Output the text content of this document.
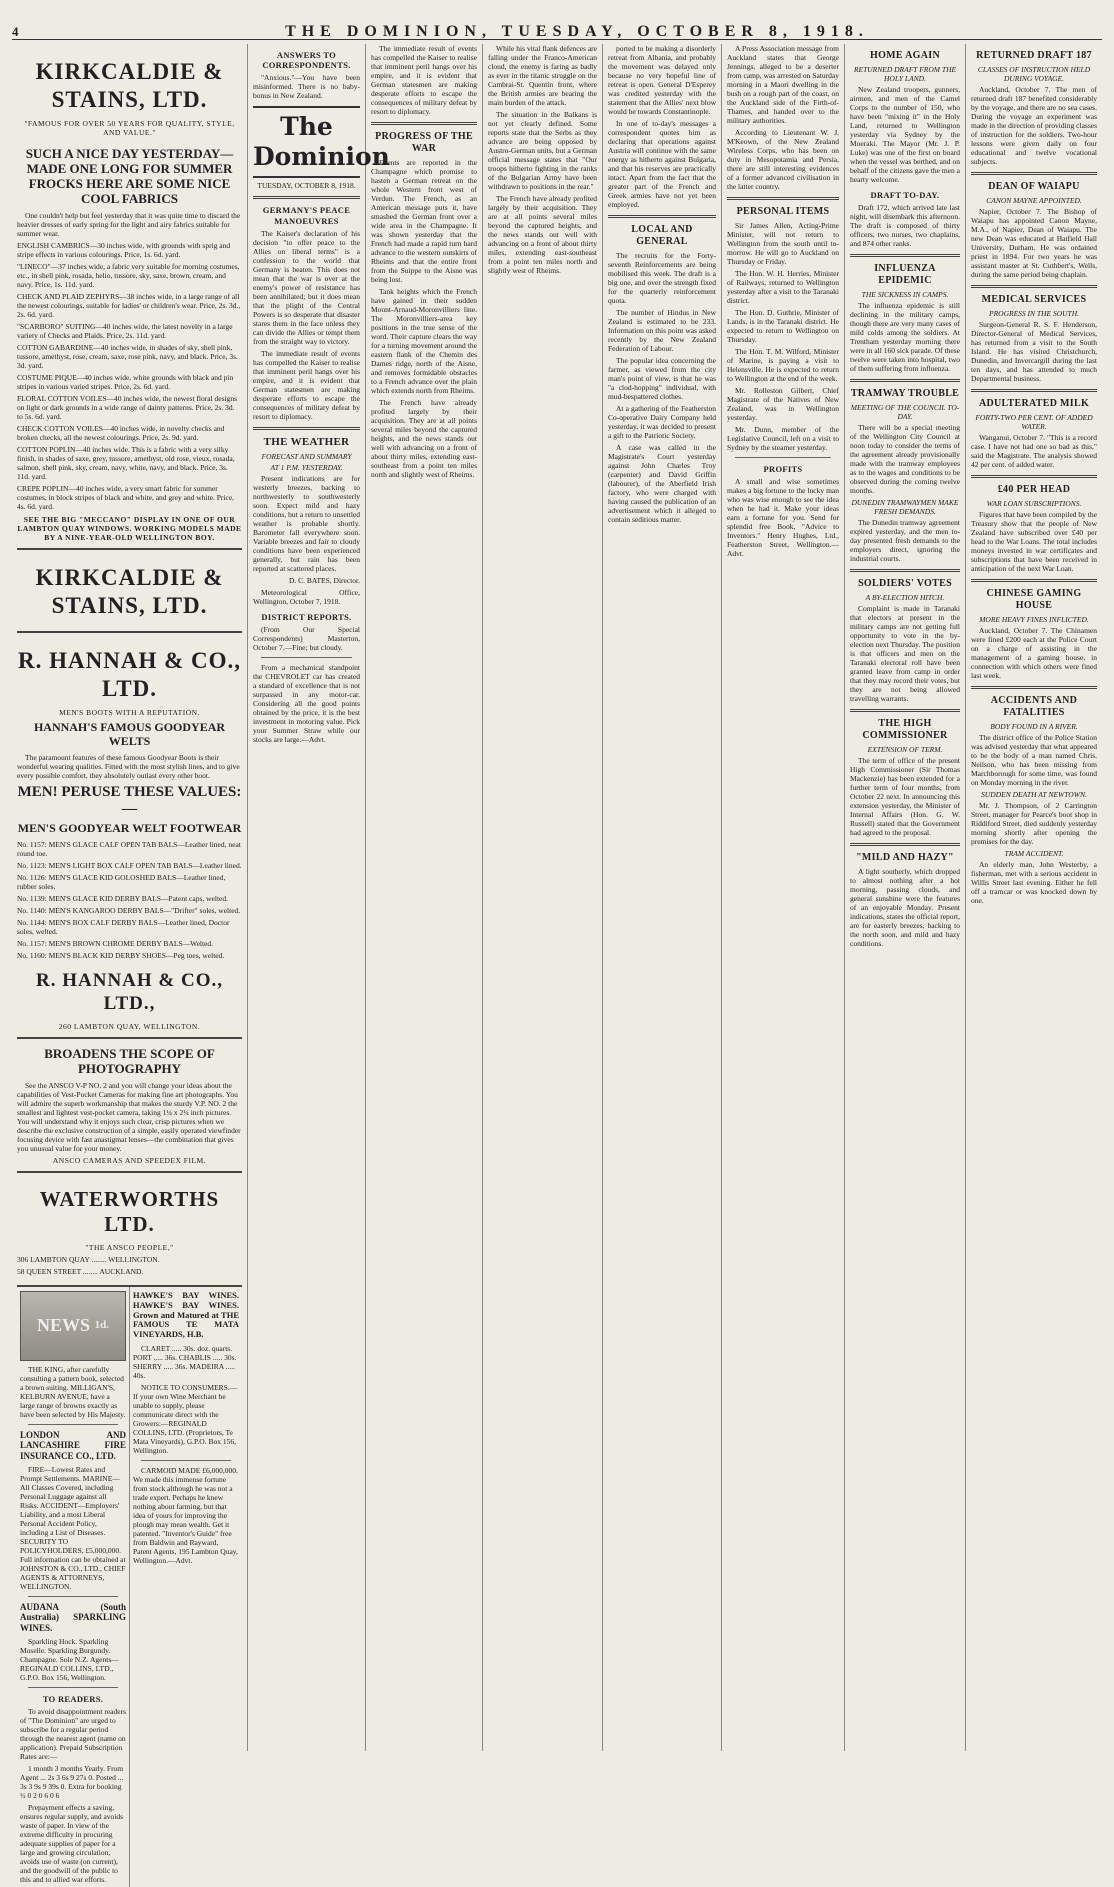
4	THE DOMINION, TUESDAY, OCTOBER 8, 1918.
KIRKCALDIE & STAINS, LTD.
"FAMOUS FOR OVER 50 YEARS FOR QUALITY, STYLE, AND VALUE."
SUCH A NICE DAY YESTERDAY—MADE ONE LONG FOR SUMMER FROCKS HERE ARE SOME NICE COOL FABRICS

One couldn't help but feel yesterday that it was quite time to discard the heavier dresses of early spring for the light and airy fabrics suitable for summer wear.

ENGLISH CAMBRICS—30 inches wide, with grounds with sprig and stripe effects in various colourings. Price, 1s. 6d. yard.
"LINECO"—37 inches wide, a fabric very suitable for morning costumes, etc., in shell pink, rosada, helio, tussore, sky, saxe, brown, cream, and navy. Price, 1s. 11d. yard.
CHECK AND PLAID ZEPHYRS—38 inches wide, in a large range of all the newest colourings, suitable for ladies' or children's wear. Price, 2s. 3d., 2s. 6d. yard.
"SCARBORO" SUITING—40 inches wide, the latest novelty in a large variety of Checks and Plaids. Price, 2s. 11d. yard.
COTTON GABARDINE—40 inches wide, in shades of sky, shell pink, tussore, amethyst, rose, cream, saxe, rose pink, navy, and black. Price, 3s. 3d. yard.
COSTUME PIQUE—40 inches wide, white grounds with black and pin stripes in various varied stripes. Price, 2s. 6d. yard.
FLORAL COTTON VOILES—40 inches wide, the newest floral designs on light or dark grounds in a wide range of dainty patterns. Price, 2s. 3d. to 5s. 6d. yard.
CHECK COTTON VOILES—40 inches wide, in novelty checks and broken checks, all the newest colourings. Price, 2s. 9d. yard.
COTTON POPLIN—40 inches wide. This is a fabric with a very silky finish, in shades of saxe, grey, tussore, amethyst, old rose, vieux, rosada, salmon, shell pink, sky, cream, navy, white, navy, and black. Price, 3s. 11d. yard.
CREPE POPLIN—40 inches wide, a very smart fabric for summer costumes, in block stripes of black and white, and grey and white. Price, 4s. 6d. yard.
SEE THE BIG "MECCANO" DISPLAY IN ONE OF OUR LAMBTON QUAY WINDOWS. WORKING MODELS MADE BY A NINE-YEAR-OLD WELLINGTON BOY.
KIRKCALDIE & STAINS, LTD.
R. HANNAH & CO., LTD.
MEN'S BOOTS WITH A REPUTATION.
HANNAH'S FAMOUS GOODYEAR WELTS

The paramount features of these famous Goodyear Boots is their wonderful wearing qualities. Fitted with the most stylish lines, and to give every possible comfort, they absolutely outlast every other boot.

MEN! PERUSE THESE VALUES:—
MEN'S GOODYEAR WELT FOOTWEAR
No. 1157: MEN'S GLACE CALF OPEN TAB BALS—Leather lined, neat round toe.
No. 1123: MEN'S LIGHT BOX CALF OPEN TAB BALS—Leather lined.
No. 1126: MEN'S GLACE KID GOLOSHED BALS—Leather lined, rubber soles.
No. 1139: MEN'S GLACE KID DERBY BALS—Patent caps, welted.
No. 1140: MEN'S KANGAROO DERBY BALS—"Drifter" soles, welted.
No. 1144: MEN'S BOX CALF DERBY BALS—Leather lined, Doctor soles, welted.
No. 1157: MEN'S BROWN CHROME DERBY BALS—Welted.
No. 1160: MEN'S BLACK KID DERBY SHOES—Peg toes, welted.
R. HANNAH & CO., LTD.,
260 LAMBTON QUAY, WELLINGTON.
BROADENS THE SCOPE OF PHOTOGRAPHY

See the ANSCO V-P NO. 2 and you will change your ideas about the capabilities of Vest-Pocket Cameras for making fine art photographs. You will admire the superb workmanship that makes the sturdy V.P. NO. 2 the smallest and lightest vest-pocket camera, taking 1¼ x 2¼ inch pictures. You will understand why it enjoys such clear, crisp pictures when we describe the exclusive construction of a simple, easily operated viewfinder focusing device with fast anastigmat lenses—the combination that gives you unusual value for your money.

ANSCO CAMERAS AND SPEEDEX FILM.
WATERWORTHS LTD.
"THE ANSCO PEOPLE,"
306 LAMBTON QUAY ........ WELLINGTON.
58 QUEEN STREET ........ AUCKLAND.
NEWS
1d.

THE KING, after carefully consulting a pattern book, selected a brown suiting. MILLIGAN'S, KELBURN AVENUE, have a large range of browns exactly as have been selected by His Majesty.

LONDON AND LANCASHIRE FIRE INSURANCE CO., LTD.

FIRE—Lowest Rates and Prompt Settlements. MARINE—All Classes Covered, including Personal Luggage against all Risks. ACCIDENT—Employers' Liability, and a most Liberal Personal Accident Policy, including a List of Diseases. SECURITY TO POLICYHOLDERS, £5,000,000. Full information can be obtained at JOHNSTON & CO., LTD., CHIEF AGENTS & ATTORNEYS, WELLINGTON.

AUDANA (South Australia) SPARKLING WINES.

Sparkling Hock. Sparkling Moselle. Sparkling Burgundy. Champagne. Sole N.Z. Agents—REGINALD COLLINS, LTD., G.P.O. Box 156, Wellington.

TO READERS.

To avoid disappointment readers of "The Dominion" are urged to subscribe for a regular period through the nearest agent (name on application). Prepaid Subscription Rates are:—

1 month 3 months Yearly. From Agent ... 2s 3 6s 9 27s 0. Posted ... 3s 3 9s 9 39s 0. Extra for booking ½ 0 2 0 6 0 6

Prepayment effects a saving, ensures regular supply, and avoids waste of paper. In view of the extreme difficulty in procuring adequate supplies of paper for a large and growing circulation, avoids use of waste (on current), and the goodwill of the public to this and to allied war efforts.

HAWKE'S BAY WINES. HAWKE'S BAY WINES. Grown and Matured at THE FAMOUS TE MATA VINEYARDS, H.B.

CLARET ..... 30s. doz. quarts. PORT ..... 36s. CHABLIS ..... 30s. SHERRY ..... 36s. MADEIRA ..... 40s.

NOTICE TO CONSUMERS.—If your own Wine Merchant be unable to supply, please communicate direct with the Growers:—REGINALD COLLINS, LTD. (Proprietors, Te Mata Vineyards), G.P.O. Box 156, Wellington.

CARMOID MADE £6,000,000. We made this immense fortune from stock although he was not a trade expert. Perhaps he knew nothing about farming, but that idea of yours for improving the plough may mean wealth. Get it patented. "Inventor's Guide" free from Baldwin and Rayward, Patent Agents, 195 Lambton Quay, Wellington.—Advt.

ANSWERS TO CORRESPONDENTS.

"Anxious."—You have been misinformed. There is no baby-bonus in New Zealand.

The Dominion
TUESDAY, OCTOBER 8, 1918.
GERMANY'S PEACE MANOEUVRES

The Kaiser's declaration of his decision "to offer peace to the Allies on liberal terms" is a confession to the world that Germany is beaten. This does not mean that the war is over at the enemy's power of resistance has been annihilated; but it does mean that the plight of the Central Powers is so desperate that disaster stares them in the face unless they can divide the Allies or tempt them from the straight way to victory.

The immediate result of events has compelled the Kaiser to realise that imminent peril hangs over his empire, and it is evident that German statesmen are making desperate efforts to escape the consequences of military defeat by resort to diplomacy.

THE WEATHER
FORECAST AND SUMMARY
AT 1 P.M. YESTERDAY.

Present indications are for westerly breezes, backing to northwesterly to southwesterly soon. Expect mild and hazy conditions, but a return to unsettled weather is probable shortly. Barometer fall everywhere soon. Variable breezes and fair to cloudy conditions have been experienced generally, but rain has been reported at scattered places.

D. C. BATES, Director.

Meteorological Office, Wellington, October 7, 1918.

DISTRICT REPORTS.

(From Our Special Correspondents) Masterton, October 7.—Fine; but cloudy.

From a mechanical standpoint the CHEVROLET car has created a standard of excellence that is not surpassed in any motor-car. Considering all the good points obtained by the price, it is the best investment in motoring value. Pick your Summer Straw while our stocks are large.—Advt.

The immediate result of events has compelled the Kaiser to realise that imminent peril hangs over his empire, and it is evident that German statesmen are making desperate efforts to escape the consequences of military defeat by resort to diplomacy.

PROGRESS OF THE WAR

Events are reported in the Champagne which promise to hasten a German retreat on the whole Western front west of Verdun. The French, as an American message puts it, have smashed the German front over a wide area in the Champagne. It was shown yesterday that the French had made a rapid turn hard advance to the western outskirts of Rheims and that the entire front from the Suippe to the Aisne was being lost.

Tank heights which the French have gained in their sudden Mount-Arnaud-Moronvilliers line. The Moronvilliers-area key positions in the true sense of the word. Their capture clears the way for a turning movement around the eastern flank of the Chemin des Dames ridge, north of the Aisne, and removes formidable obstacles to a French advance over the plain which extends north from Rheims.

The French have already profited largely by their acquisition. They are at all points several miles beyond the captured heights, and the news stands out well with advancing on a front of about thirty miles, extending east-southeast from a point ten miles north and slightly west of Rheims.

While his vital flank defences are falling under the Franco-American cloud, the enemy is faring as badly as ever in the titanic struggle on the Cambrai-St. Quentin front, where the British armies are bearing the main burden of the attack.

The situation in the Balkans is not yet clearly defined. Some reports state that the Serbs as they advance are being opposed by Austro-German units, but a German official message states that "Our troops hitherto fighting in the ranks of the Bulgarian Army have been withdrawn to positions in the rear."

The French have already profited largely by their acquisition. They are at all points several miles beyond the captured heights, and the news stands out well with advancing on a front of about thirty miles, extending east-southeast from a point ten miles north and slightly west of Rheims.

ported to be making a disorderly retreat from Albania, and probably the movement was delayed only because no very hopeful line of retreat is open. General D'Esperey was credited yesterday with the statement that the Allies' next blow would be towards Constantinople.

In one of to-day's messages a correspondent quotes him as declaring that operations against Austria will continue with the same energy as hitherto against Bulgaria, and that his reserves are practically intact. Apart from the fact that the greater part of the French and Greek armies have not yet been employed.

LOCAL AND GENERAL

The recruits for the Forty-seventh Reinforcements are being mobilised this week. The draft is a big one, and over the strength fixed for the quarterly reinforcement quota.

The number of Hindus in New Zealand is estimated to be 233. Information on this point was asked recently by the New Zealand Federation of Labour.

The popular idea concerning the farmer, as viewed from the city man's point of view, is that he was "a clod-hopping" individual, with mud-bespattered clothes.

At a gathering of the Featherston Co-operative Dairy Company held yesterday, it was decided to present a gift to the Patriotic Society.

A case was called in the Magistrate's Court yesterday against John Charles Troy (carpenter) and David Griffin (labourer), of the Aberfield Irish factory, who were charged with having caused the publication of an advertisement which it alleged to contain seditious matter.

A Press Association message from Auckland states that George Jennings, alleged to be a deserter from camp, was arrested on Saturday morning in a Maori dwelling in the bush on a rough part of the coast, on the Auckland side of the Firth-of-Thames, and handed over to the military authorities.

According to Lieutenant W. J. M'Keown, of the New Zealand Wireless Corps, who has been on duty in Mesopotamia and Persia, there are still interesting evidences of a former advanced civilisation in the latter country.

PERSONAL ITEMS

Sir James Allen, Acting-Prime Minister, will not return to Wellington from the south until to-morrow. He will go to Auckland on Thursday or Friday.

The Hon. W. H. Herries, Minister of Railways, returned to Wellington yesterday after a visit to the Taranaki district.

The Hon. D. Guthrie, Minister of Lands, is in the Taranaki district. He expected to return to Wellington on Thursday.

The Hon. T. M. Wilford, Minister of Marine, is paying a visit to Helensville. He is expected to return to Wellington at the end of the week.

Mr. Rolleston Gilbert, Chief Magistrate of the Natives of New Zealand, was in Wellington yesterday.

Mr. Dunn, member of the Legislative Council, left on a visit to Sydney by the steamer yesterday.

PROFITS

A small and wise sometimes makes a big fortune to the lucky man who was wise enough to see the idea when he had it. Make your ideas earn a fortune for you. Send for splendid free Book, "Advice to Inventors." Henry Hughes, Ltd., Featherston Street, Wellington.—Advt.

HOME AGAIN
RETURNED DRAFT FROM THE HOLY LAND.

New Zealand troopers, gunners, airmen, and men of the Camel Corps to the number of 150, who have been "mixing it" in the Holy Land, returned to Wellington yesterday via Sydney by the Moeraki. The Mayor (Mr. J. P. Luke) was one of the first on board when the vessel was berthed, and on behalf of the citizens gave the men a hearty welcome.

DRAFT TO-DAY.

Draft 172, which arrived late last night, will disembark this afternoon. The draft is composed of thirty officers, two nurses, two chaplains, and 874 other ranks.

INFLUENZA EPIDEMIC
THE SICKNESS IN CAMPS.

The influenza epidemic is still declining in the military camps, though there are very many cases of mild colds among the soldiers. At Trentham yesterday morning there were in all 160 sick parade. Of these twelve were taken into hospital, two of them suffering from influenza.

TRAMWAY TROUBLE
MEETING OF THE COUNCIL TO-DAY.

There will be a special meeting of the Wellington City Council at noon today to consider the terms of the agreement already provisionally made with the tramway employees as to the wages and conditions to be observed during the coming twelve months.

DUNEDIN TRAMWAYMEN MAKE FRESH DEMANDS.

The Dunedin tramway agreement expired yesterday, and the men to-day presented fresh demands to the employers direct, ignoring the industrial courts.

SOLDIERS' VOTES
A BY-ELECTION HITCH.

Complaint is made in Taranaki that electors at present in the military camps are not getting full opportunity to vote in the by-election next Thursday. The position is that officers and men on the Taranaki electoral roll have been granted leave from camp in order that they may record their votes, but they are not being allowed travelling warrants.

THE HIGH COMMISSIONER
EXTENSION OF TERM.

The term of office of the present High Commissioner (Sir Thomas Mackenzie) has been extended for a further term of four months, from October 22 next. In announcing this extension yesterday, the Minister of Internal Affairs (Hon. G. W. Russell) stated that the Government had agreed to the proposal.

"MILD AND HAZY"

A light southerly, which dropped to almost nothing after a hot morning, passing clouds, and general sunshine were the features of an enjoyable Monday. Present indications, states the official report, are for easterly breezes, backing to the north soon, and mild and hazy conditions.

RETURNED DRAFT 187
CLASSES OF INSTRUCTION HELD DURING VOYAGE.

Auckland, October 7. The men of returned draft 187 benefited considerably by the voyage, and there are no sea cases. During the voyage an experiment was made in the direction of providing classes of instruction for the soldiers. Two-hour lessons were given daily on four educational and twelve vocational subjects.

DEAN OF WAIAPU
CANON MAYNE APPOINTED.

Napier, October 7. The Bishop of Waiapu has appointed Canon Mayne, M.A., of Napier, Dean of Waiapu. The new Dean was educated at Hatfield Hall University, Durham. He was ordained priest in 1894. For two years he was assistant master at St. Cuthbert's, Wells, during the same period being chaplain.

MEDICAL SERVICES
PROGRESS IN THE SOUTH.

Surgeon-General R. S. F. Henderson, Director-General of Medical Services, has returned from a visit to the South Island. He has visited Christchurch, Dunedin, and Invercargill during the last ten days, and has attended to much Departmental business.

ADULTERATED MILK
FORTY-TWO PER CENT. OF ADDED WATER.

Wanganui, October 7. "This is a record case. I have not had one so bad as this," said the Magistrate. The analysis showed 42 per cent. of added water.

£40 PER HEAD
WAR LOAN SUBSCRIPTIONS.

Figures that have been compiled by the Treasury show that the people of New Zealand have subscribed over £40 per head to the War Loans. The total includes moneys invested in war certificates and subscriptions that have been received in anticipation of the next War Loan.

CHINESE GAMING HOUSE
MORE HEAVY FINES INFLICTED.

Auckland, October 7. The Chinamen were fined £200 each at the Police Court on a charge of assisting in the management of a gaming house, in connection with which others were fined last week.

ACCIDENTS AND FATALITIES
BODY FOUND IN A RIVER.

The district office of the Police Station was advised yesterday that what appeared to be the body of a man named Chris. Neilson, who has been missing from Marchborough for some time, was found on Monday morning in the river.

SUDDEN DEATH AT NEWTOWN.

Mr. J. Thompson, of 2 Carrington Street, manager for Pearce's boot shop in Riddiford Street, died suddenly yesterday morning shortly after opening the premises for the day.

TRAM ACCIDENT.

An elderly man, John Westerby, a fisherman, met with a serious accident in Willis Street last evening. Either he fell off a tramcar or was knocked down by one.
